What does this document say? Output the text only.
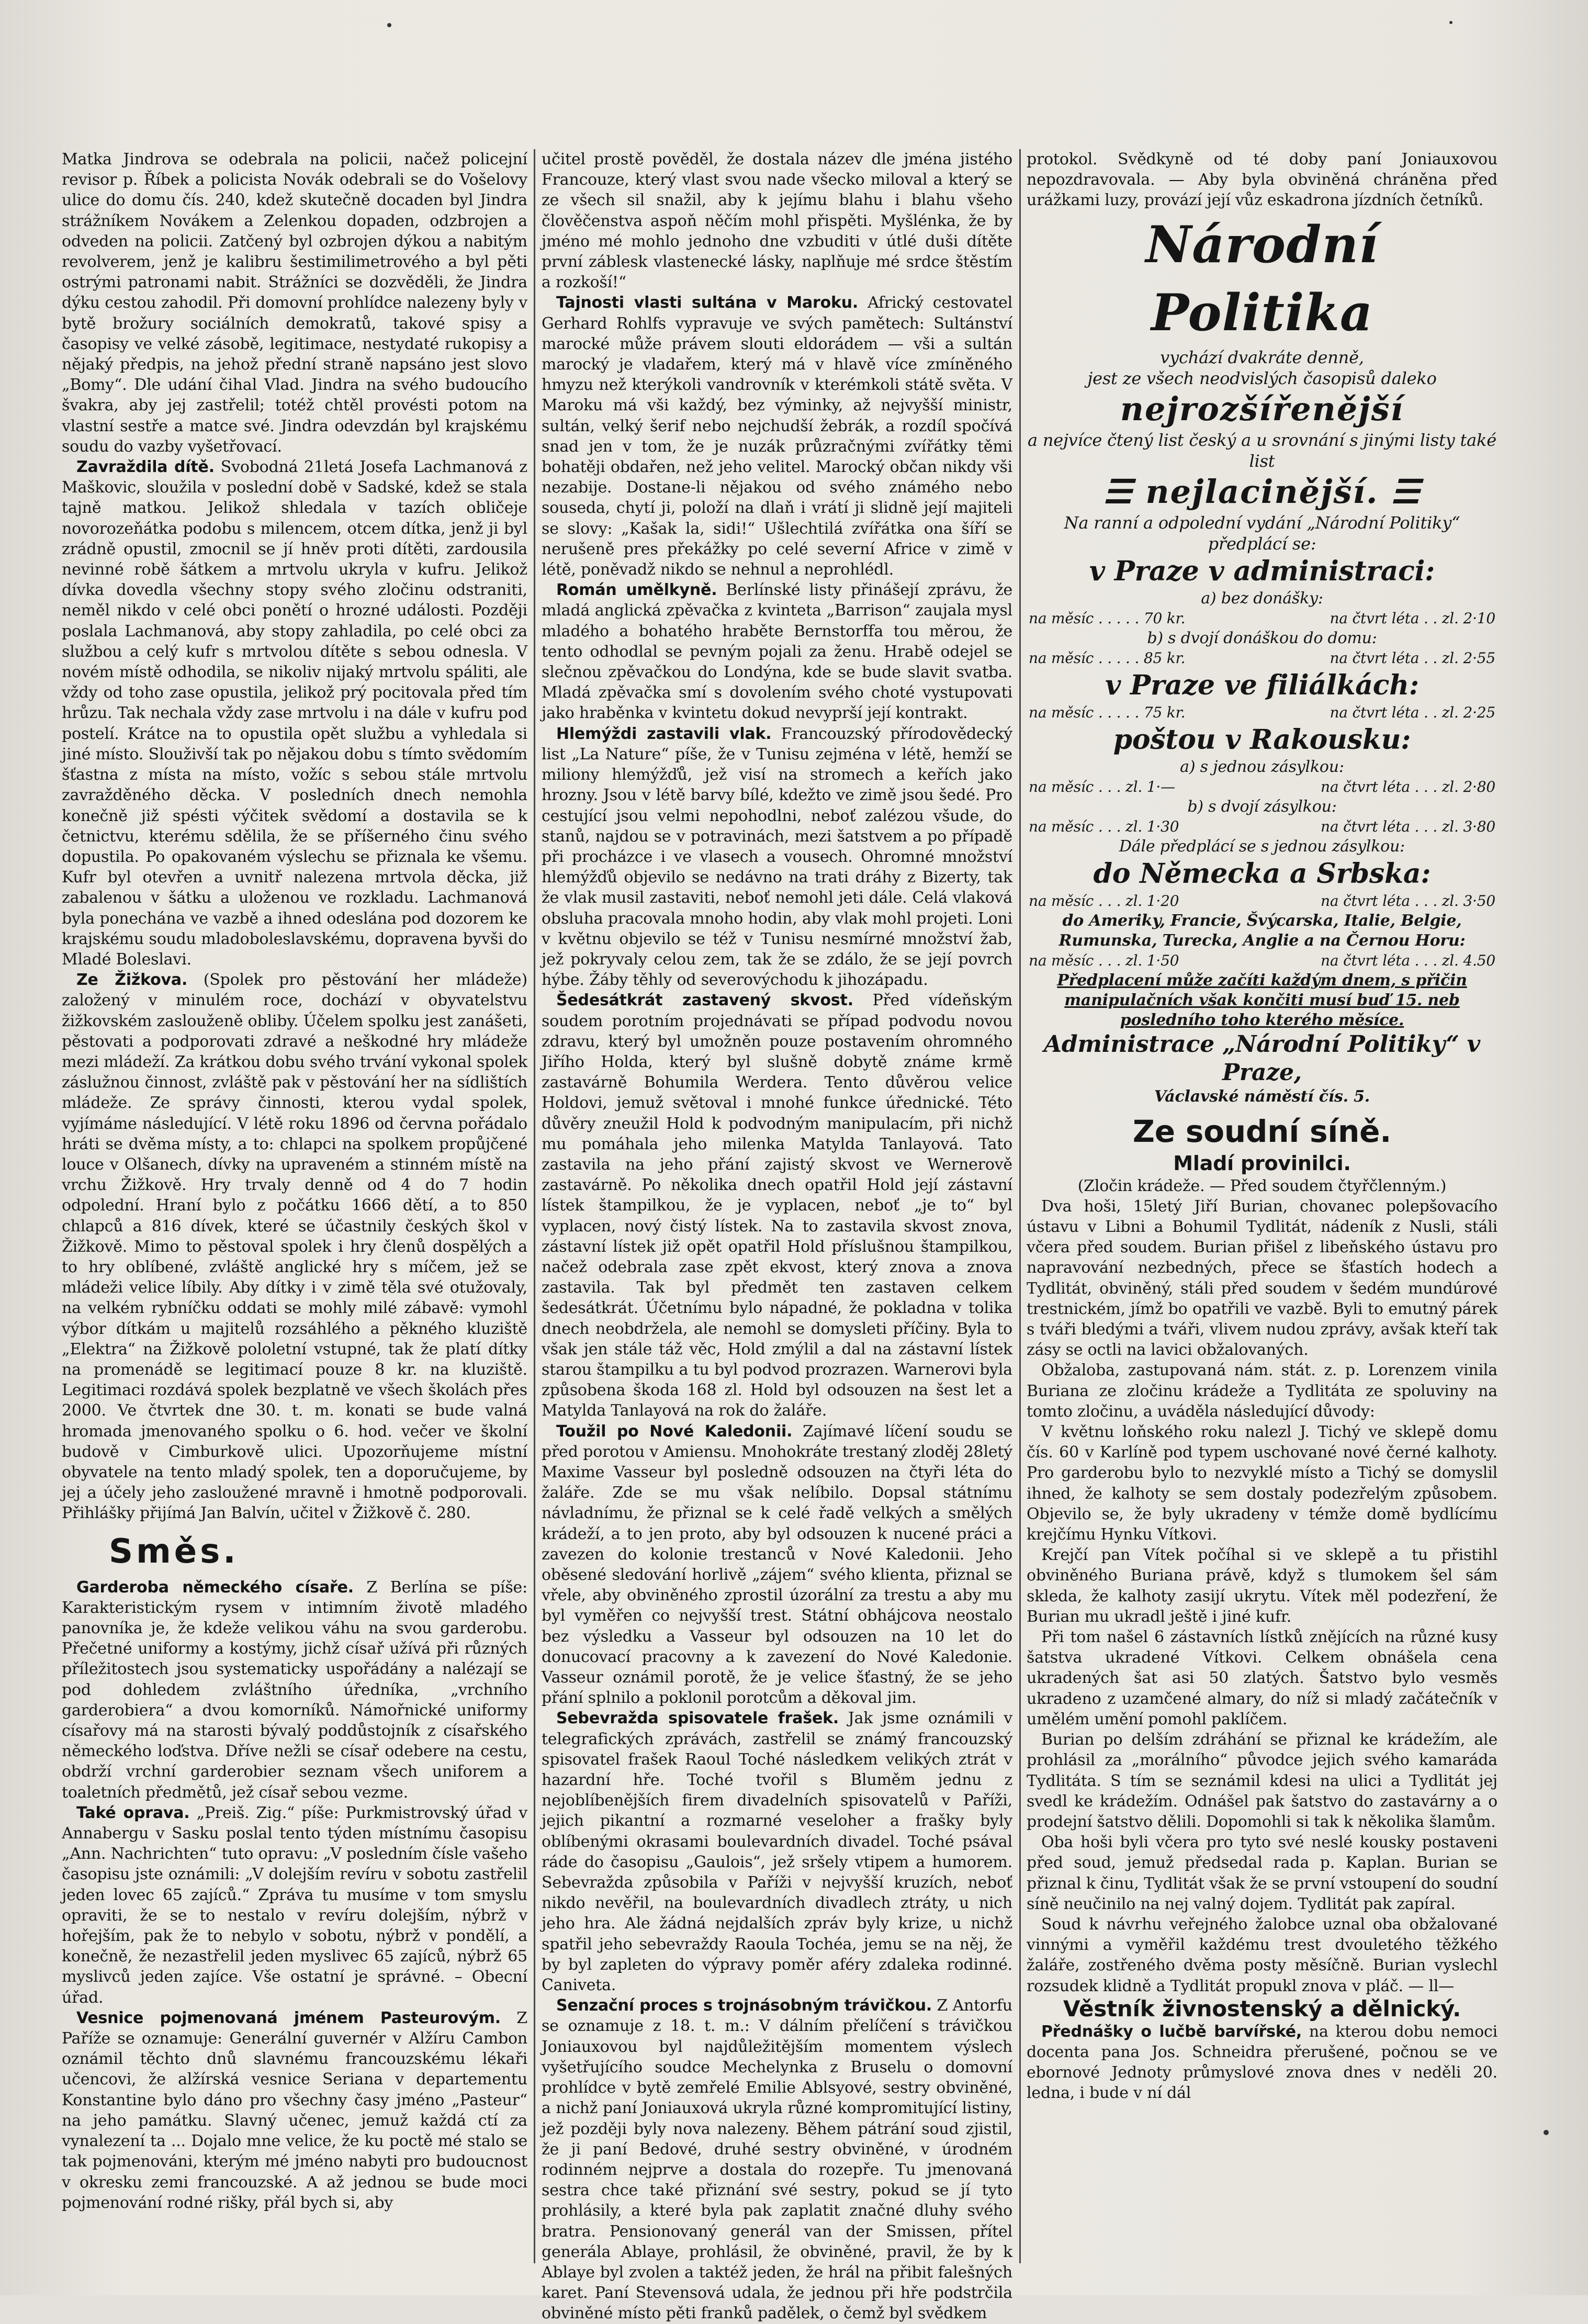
Matka Jindrova se odebrala na policii, načež policejní revisor p. Říbek a policista Novák odebrali se do Vošelovy ulice do domu čís. 240, kdež skutečně docaden byl Jindra strážníkem Novákem a Zelenkou dopaden, odzbrojen a odveden na policii. Zatčený byl ozbrojen dýkou a nabitým revolverem, jenž je kalibru šestimilimetrového a byl pěti ostrými patronami nabit. Strážníci se dozvěděli, že Jindra dýku cestou zahodil. Při domovní prohlídce nalezeny byly v bytě brožury sociálních demokratů, takové spisy a časopisy ve velké zásobě, legitimace, nestydaté rukopisy a nějaký předpis, na jehož přední straně napsáno jest slovo „Bomy“. Dle udání čihal Vlad. Jindra na svého budoucího švakra, aby jej zastřelil; totéž chtěl provésti potom na vlastní sestře a matce své. Jindra odevzdán byl krajskému soudu do vazby vyšetřovací.

Zavraždila dítě. Svobodná 21letá Josefa Lachmanová z Maškovic, sloužila v poslední době v Sadské, kdež se stala tajně matkou. Jelikož shledala v tazích obličeje novorozeňátka podobu s milencem, otcem dítka, jenž ji byl zrádně opustil, zmocnil se jí hněv proti dítěti, zardousila nevinné robě šátkem a mrtvolu ukryla v kufru. Jelikož dívka dovedla všechny stopy svého zločinu odstraniti, neměl nikdo v celé obci ponětí o hrozné události. Později poslala Lachmanová, aby stopy zahladila, po celé obci za službou a celý kufr s mrtvolou dítěte s sebou odnesla. V novém místě odhodila, se nikoliv nijaký mrtvolu spáliti, ale vždy od toho zase opustila, jelikož prý pocitovala před tím hrůzu. Tak nechala vždy zase mrtvolu i na dále v kufru pod postelí. Krátce na to opustila opět službu a vyhledala si jiné místo. Slouživší tak po nějakou dobu s tímto svědomím šťastna z místa na místo, vožíc s sebou stále mrtvolu zavražděného děcka. V posledních dnech nemohla konečně již spésti výčitek svědomí a dostavila se k četnictvu, kterému sdělila, že se příšerného činu svého dopustila. Po opakovaném výslechu se přiznala ke všemu. Kufr byl otevřen a uvnitř nalezena mrtvola děcka, již zabalenou v šátku a uloženou ve rozkladu. Lachmanová byla ponechána ve vazbě a ihned odeslána pod dozorem ke krajskému soudu mladoboleslavskému, dopravena byvši do Mladé Boleslavi.

Ze Žižkova. (Spolek pro pěstování her mládeže) založený v minulém roce, dochází v obyvatelstvu žižkovském zaslouženě obliby. Účelem spolku jest zanášeti, pěstovati a podporovati zdravé a neškodné hry mládeže mezi mládeží. Za krátkou dobu svého trvání vykonal spolek záslužnou činnost, zvláště pak v pěstování her na sídlištích mládeže. Ze správy činnosti, kterou vydal spolek, vyjímáme následující. V létě roku 1896 od června pořádalo hráti se dvěma místy, a to: chlapci na spolkem propůjčené louce v Olšanech, dívky na upraveném a stinném místě na vrchu Žižkově. Hry trvaly denně od 4 do 7 hodin odpolední. Hraní bylo z počátku 1666 dětí, a to 850 chlapců a 816 dívek, které se účastnily českých škol v Žižkově. Mimo to pěstoval spolek i hry členů dospělých a to hry oblíbené, zvláště anglické hry s míčem, jež se mládeži velice líbily. Aby dítky i v zimě těla své otužovaly, na velkém rybníčku oddati se mohly milé zábavě: vymohl výbor dítkám u majitelů rozsáhlého a pěkného kluziště „Elektra“ na Žižkově pololetní vstupné, tak že platí dítky na promenádě se legitimací pouze 8 kr. na kluziště. Legitimaci rozdává spolek bezplatně ve všech školách přes 2000. Ve čtvrtek dne 30. t. m. konati se bude valná hromada jmenovaného spolku o 6. hod. večer ve školní budově v Cimburkově ulici. Upozorňujeme místní obyvatele na tento mladý spolek, ten a doporučujeme, by jej a účely jeho zasloužené mravně i hmotně podporovali. Přihlášky přijímá Jan Balvín, učitel v Žižkově č. 280.

Směs.

Garderoba německého císaře. Z Berlína se píše: Karakteristickým rysem v intimním životě mladého panovníka je, že kdeže velikou váhu na svou garderobu. Přečetné uniformy a kostýmy, jichž císař užívá při různých příležitostech jsou systematicky uspořádány a nalézají se pod dohledem zvláštního úředníka, „vrchního garderobiera“ a dvou komorníků. Námořnické uniformy císařovy má na starosti bývalý poddůstojník z císařského německého loďstva. Dříve nežli se císař odebere na cestu, obdrží vrchní garderobier seznam všech uniforem a toaletních předmětů, jež císař sebou vezme.

Také oprava. „Preiš. Zig.“ píše: Purkmistrovský úřad v Annabergu v Sasku poslal tento týden místnímu časopisu „Ann. Nachrichten“ tuto opravu: „V posledním čísle vašeho časopisu jste oznámili: „V dolejším revíru v sobotu zastřelil jeden lovec 65 zajíců.“ Zpráva tu musíme v tom smyslu opraviti, že se to nestalo v revíru dolejším, nýbrž v hořejším, pak že to nebylo v sobotu, nýbrž v pondělí, a konečně, že nezastřelil jeden myslivec 65 zajíců, nýbrž 65 myslivců jeden zajíce. Vše ostatní je správné. – Obecní úřad.

Vesnice pojmenovaná jménem Pasteurovým. Z Paříže se oznamuje: Generální guvernér v Alžíru Cambon oznámil těchto dnů slavnému francouzskému lékaři učencovi, že alžírská vesnice Seriana v departementu Konstantine bylo dáno pro všechny časy jméno „Pasteur“ na jeho památku. Slavný učenec, jemuž každá ctí za vynalezení ta ... Dojalo mne velice, že ku poctě mé stalo se tak pojmenováni, kterým mé jméno nabyti pro budoucnost v okresku zemi francouzské. A až jednou se bude moci pojmenování rodné rišky, přál bych si, aby

učitel prostě pověděl, že dostala název dle jména jistého Francouze, který vlast svou nade všecko miloval a který se ze všech sil snažil, aby k jejímu blahu i blahu všeho člověčenstva aspoň něčím mohl přispěti. Myšlénka, že by jméno mé mohlo jednoho dne vzbuditi v útlé duši dítěte první záblesk vlastenecké lásky, naplňuje mé srdce štěstím a rozkoší!“

Tajnosti vlasti sultána v Maroku. Africký cestovatel Gerhard Rohlfs vypravuje ve svých pamětech: Sultánství marocké může právem slouti eldorádem — vši a sultán marocký je vladařem, který má v hlavě více zmíněného hmyzu než kterýkoli vandrovník v kterémkoli státě světa. V Maroku má vši každý, bez výminky, až nejvyšší ministr, sultán, velký šerif nebo nejchudší žebrák, a rozdíl spočívá snad jen v tom, že je nuzák průzračnými zvířátky těmi bohatěji obdařen, než jeho velitel. Marocký občan nikdy vši nezabije. Dostane-li nějakou od svého známého nebo souseda, chytí ji, položí na dlaň i vrátí ji slidně její majiteli se slovy: „Kašak la, sidi!“ Ušlechtilá zvířátka ona šíří se nerušeně pres překážky po celé severní Africe v zimě v létě, poněvadž nikdo se nehnul a neprohlédl.

Román umělkyně. Berlínské listy přinášejí zprávu, že mladá anglická zpěvačka z kvinteta „Barrison“ zaujala mysl mladého a bohatého hraběte Bernstorffa tou měrou, že tento odhodlal se pevným pojali za ženu. Hrabě odejel se slečnou zpěvačkou do Londýna, kde se bude slavit svatba. Mladá zpěvačka smí s dovolením svého choté vystupovati jako hraběnka v kvintetu dokud nevyprší její kontrakt.

Hlemýždi zastavili vlak. Francouzský přírodovědecký list „La Nature“ píše, že v Tunisu zejména v létě, hemží se miliony hlemýžďů, jež visí na stromech a keřích jako hrozny. Jsou v létě barvy bílé, kdežto ve zimě jsou šedé. Pro cestující jsou velmi nepohodlni, neboť zalézou všude, do stanů, najdou se v potravinách, mezi šatstvem a po případě při procházce i ve vlasech a vousech. Ohromné množství hlemýžďů objevilo se nedávno na trati dráhy z Bizerty, tak že vlak musil zastaviti, neboť nemohl jeti dále. Celá vlaková obsluha pracovala mnoho hodin, aby vlak mohl projeti. Loni v květnu objevilo se též v Tunisu nesmírné množství žab, jež pokryvaly celou zem, tak že se zdálo, že se její povrch hýbe. Žáby těhly od severovýchodu k jihozápadu.

Šedesátkrát zastavený skvost. Před vídeňským soudem porotním projednávati se případ podvodu novou zdravu, který byl umožněn pouze postavením ohromného Jiřího Holda, který byl slušně dobytě známe krmě zastavárně Bohumila Werdera. Tento důvěrou velice Holdovi, jemuž světoval i mnohé funkce úřednické. Této důvěry zneužil Hold k podvodným manipulacím, při nichž mu pomáhala jeho milenka Matylda Tanlayová. Tato zastavila na jeho přání zajistý skvost ve Wernerově zastavárně. Po několika dnech opatřil Hold její zástavní lístek štampilkou, že je vyplacen, neboť „je to“ byl vyplacen, nový čistý lístek. Na to zastavila skvost znova, zástavní lístek již opět opatřil Hold příslušnou štampilkou, načež odebrala zase zpět ekvost, který znova a znova zastavila. Tak byl předmět ten zastaven celkem šedesátkrát. Účetnímu bylo nápadné, že pokladna v tolika dnech neobdržela, ale nemohl se domysleti příčiny. Byla to však jen stále táž věc, Hold zmýlil a dal na zástavní lístek starou štampilku a tu byl podvod prozrazen. Warnerovi byla způsobena škoda 168 zl. Hold byl odsouzen na šest let a Matylda Tanlayová na rok do žaláře.

Toužil po Nové Kaledonii. Zajímavé líčení soudu se před porotou v Amiensu. Mnohokráte trestaný zloděj 28letý Maxime Vasseur byl posledně odsouzen na čtyři léta do žaláře. Zde se mu však nelíbilo. Dopsal státnímu návladnímu, že přiznal se k celé řadě velkých a smělých krádeží, a to jen proto, aby byl odsouzen k nucené práci a zavezen do kolonie trestanců v Nové Kaledonii. Jeho oběsené sledování horlivě „zájem“ svého klienta, přiznal se vřele, aby obviněného zprostil úzorální za trestu a aby mu byl vyměřen co nejvyšší trest. Státní obhájcova neostalo bez výsledku a Vasseur byl odsouzen na 10 let do donucovací pracovny a k zavezení do Nové Kaledonie. Vasseur oznámil porotě, že je velice šťastný, že se jeho přání splnilo a poklonil porotcům a děkoval jim.

Sebevražda spisovatele frašek. Jak jsme oznámili v telegrafických zprávách, zastřelil se známý francouzský spisovatel frašek Raoul Toché následkem velikých ztrát v hazardní hře. Toché tvořil s Bluměm jednu z nejoblíbenějších firem divadelních spisovatelů v Paříži, jejich pikantní a rozmarné veseloher a frašky byly oblíbenými okrasami boulevardních divadel. Toché psával ráde do časopisu „Gaulois“, jež sršely vtipem a humorem. Sebevražda způsobila v Paříži v nejvyšší kruzích, neboť nikdo nevěřil, na boulevardních divadlech ztráty, u nich jeho hra. Ale žádná nejdalších zpráv byly krize, u nichž spatřil jeho sebevraždy Raoula Tochéa, jemu se na něj, že by byl zapleten do výpravy poměr aféry zdaleka rodinné. Caniveta.

Senzační proces s trojnásobným trávičkou. Z Antorfu se oznamuje z 18. t. m.: V dálním přelíčení s trávičkou Joniauxovou byl najdůležitějším momentem výslech vyšetřujícího soudce Mechelynka z Bruselu o domovní prohlídce v bytě zemřelé Emilie Ablsyové, sestry obviněné, a nichž paní Joniauxová ukryla různé kompromitující listiny, jež později byly nova nalezeny. Během pátrání soud zjistil, že ji paní Bedové, druhé sestry obviněné, v úrodném rodinném nejprve a dostala do rozepře. Tu jmenovaná sestra chce také přiznání své sestry, pokud se jí tyto prohlásily, a které byla pak zaplatit značné dluhy svého bratra. Pensionovaný generál van der Smissen, přítel generála Ablaye, prohlásil, že obviněné, pravil, že by k Ablaye byl zvolen a taktéž jeden, že hrál na přibit falešných karet. Paní Stevensová udala, že jednou při hře podstrčila obviněné místo pěti franků padělek, o čemž byl svědkem

protokol. Svědkyně od té doby paní Joniauxovou nepozdravovala. — Aby byla obviněná chráněna před urážkami luzy, provází její vůz eskadrona jízdních četníků.

Národní Politika
vychází dvakráte denně,
jest ze všech neodvislých časopisů daleko
nejrozšířenější
a nejvíce čtený list český a u srovnání s jinými listy také list
☰ nejlacinější. ☰
Na ranní a odpolední vydání „Národní Politiky“ předplácí se:
v Praze v administraci:
a) bez donášky:
na měsíc . . . . . 70 kr.	na čtvrt léta . . zl. 2·10
b) s dvojí donáškou do domu:
na měsíc . . . . . 85 kr.	na čtvrt léta . . zl. 2·55
v Praze ve filiálkách:
na měsíc . . . . . 75 kr.	na čtvrt léta . . zl. 2·25
poštou v Rakousku:
a) s jednou zásylkou:
na měsíc . . . zl. 1·—	na čtvrt léta . . . zl. 2·80
b) s dvojí zásylkou:
na měsíc . . . zl. 1·30	na čtvrt léta . . . zl. 3·80
Dále předplácí se s jednou zásylkou:
do Německa a Srbska:
na měsíc . . . zl. 1·20	na čtvrt léta . . . zl. 3·50
do Ameriky, Francie, Švýcarska, Italie, Belgie, Rumunska, Turecka, Anglie a na Černou Horu:
na měsíc . . . zl. 1·50	na čtvrt léta . . . zl. 4.50
Předplacení může začíti každým dnem, s přičin manipulačních však končiti musí buď 15. neb posledního toho kterého měsíce.
Administrace „Národní Politiky“ v Praze,
Václavské náměstí čís. 5.
Ze soudní síně.
Mladí provinilci.
(Zločin krádeže. — Před soudem čtyřčlenným.)

Dva hoši, 15letý Jiří Burian, chovanec polepšovacího ústavu v Libni a Bohumil Tydlitát, nádeník z Nusli, stáli včera před soudem. Burian přišel z libeňského ústavu pro napravování nezbedných, přece se šťastích hodech a Tydlitát, obviněný, stáli před soudem v šedém mundúrové trestnickém, jímž bo opatřili ve vazbě. Byli to emutný párek s tváři bledými a tváři, vlivem nudou zprávy, avšak kteří tak zásy se octli na lavici obžalovaných.

Obžaloba, zastupovaná nám. stát. z. p. Lorenzem vinila Buriana ze zločinu krádeže a Tydlitáta ze spoluviny na tomto zločinu, a uváděla následující důvody:

V květnu loňského roku nalezl J. Tichý ve sklepě domu čís. 60 v Karlíně pod typem uschované nové černé kalhoty. Pro garderobu bylo to nezvyklé místo a Tichý se domyslil ihned, že kalhoty se sem dostaly podezřelým způsobem. Objevilo se, že byly ukradeny v témže domě bydlícímu krejčímu Hynku Vítkovi.

Krejčí pan Vítek počíhal si ve sklepě a tu přistihl obviněného Buriana právě, když s tlumokem šel sám skleda, že kalhoty zasijí ukrytu. Vítek měl podezření, že Burian mu ukradl ještě i jiné kufr.

Při tom našel 6 zástavních lístků znějících na různé kusy šatstva ukradené Vítkovi. Celkem obnášela cena ukradených šat asi 50 zlatých. Šatstvo bylo vesměs ukradeno z uzamčené almary, do níž si mladý začátečník v umělém umění pomohl paklíčem.

Burian po delším zdráhání se přiznal ke krádežím, ale prohlásil za „morálního“ původce jejich svého kamaráda Tydlitáta. S tím se seznámil kdesi na ulici a Tydlitát jej svedl ke krádežím. Odnášel pak šatstvo do zastavárny a o prodejní šatstvo dělili. Dopomohli si tak k několika šlamům.

Oba hoši byli včera pro tyto své neslé kousky postaveni před soud, jemuž předsedal rada p. Kaplan. Burian se přiznal k činu, Tydlitát však že se první vstoupení do soudní síně neučinilo na nej valný dojem. Tydlitát pak zapíral.

Soud k návrhu veřejného žalobce uznal oba obžalované vinnými a vyměřil každému trest dvouletého těžkého žaláře, zostřeného dvěma posty měsíčně. Burian vyslechl rozsudek klidně a Tydlitát propukl znova v pláč. — ll—

Věstník živnostenský a dělnický.

Přednášky o lučbě barvířské, na kterou dobu nemoci docenta pana Jos. Schneidra přerušené, počnou se ve ebornové Jednoty průmyslové znova dnes v neděli 20. ledna, i bude v ní dál
